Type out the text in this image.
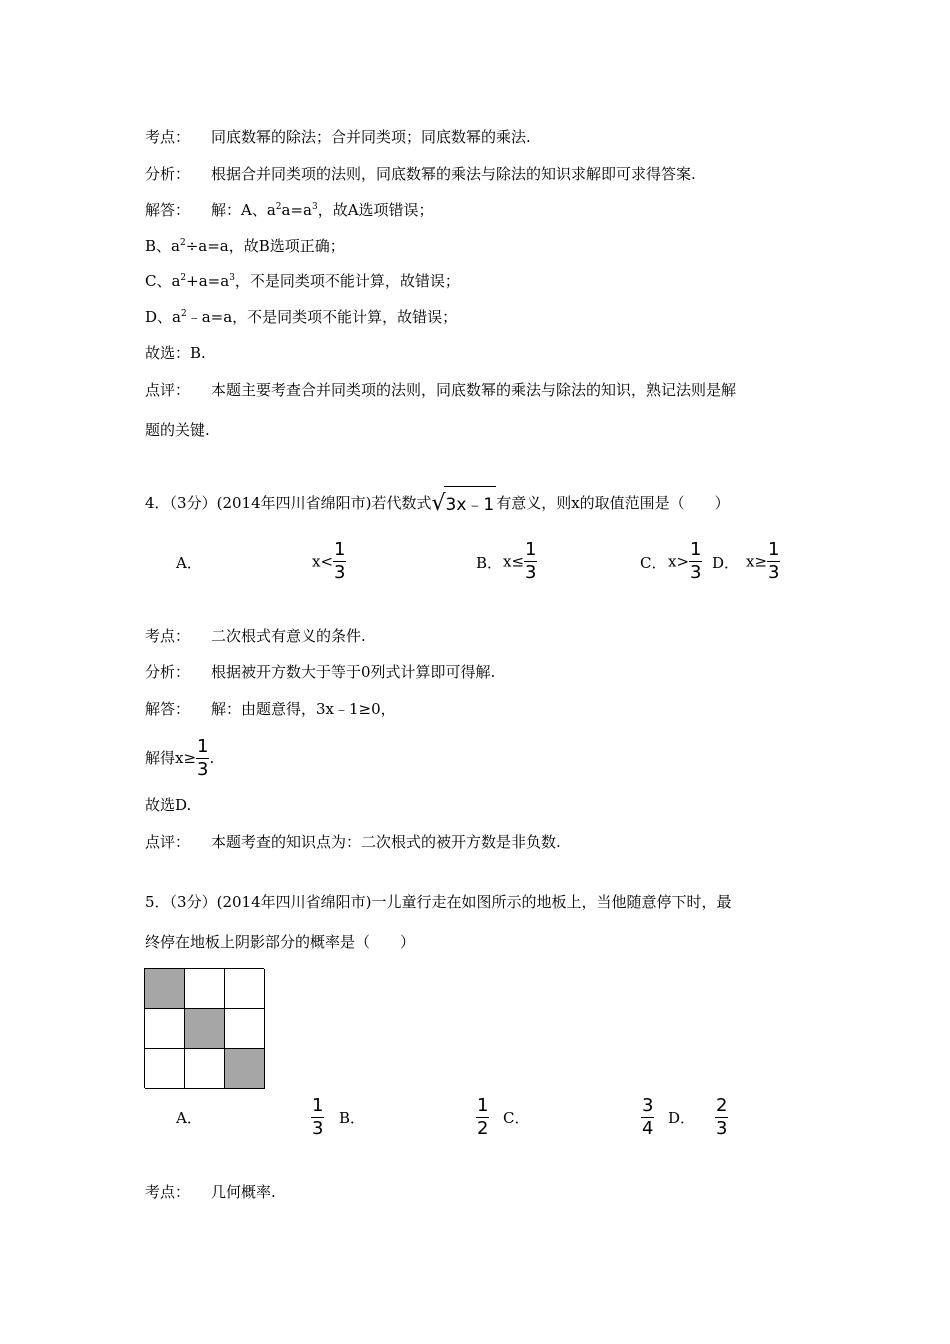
考点： 同底数幂的除法；合并同类项；同底数幂的乘法.
分析： 根据合并同类项的法则，同底数幂的乘法与除法的知识求解即可求得答案.
解答： 解：A、$a^2a=a^3$，故A选项错误；
B、$a^2\div a=a$，故B选项正确；
C、$a^2+a=a^3$，不是同类项不能计算，故错误；
D、$a^2﹣a=a$，不是同类项不能计算，故错误；
故选：B.
点评： 本题主要考查合并同类项的法则，同底数幂的乘法与除法的知识，熟记法则是解
题的关键.
4．（3分）(2014年四川省绵阳市)若代数式√3x﹣1 有意义，则x的取值范围是（　　）
A．	$x< \frac{1}{3}$	B． $x\le \frac{1}{3}$	C． $x> \frac{1}{3}$ D． $x\ge \frac{1}{3}$
考点： 二次根式有意义的条件.
分析： 根据被开方数大于等于0列式计算即可得解.
解答： 解：由题意得，3x﹣1≥0，
解得$x\ge \frac{1}{3}$ .
故选D.
点评： 本题考查的知识点为：二次根式的被开方数是非负数.
5．（3分）(2014年四川省绵阳市)一儿童行走在如图所示的地板上，当他随意停下时，最
终停在地板上阴影部分的概率是（　　）
A．	$\frac{1}{3}$ B．	$\frac{1}{2}$ C．	$\frac{3}{4}$ D． $\frac{2}{3}$
考点： 几何概率.
